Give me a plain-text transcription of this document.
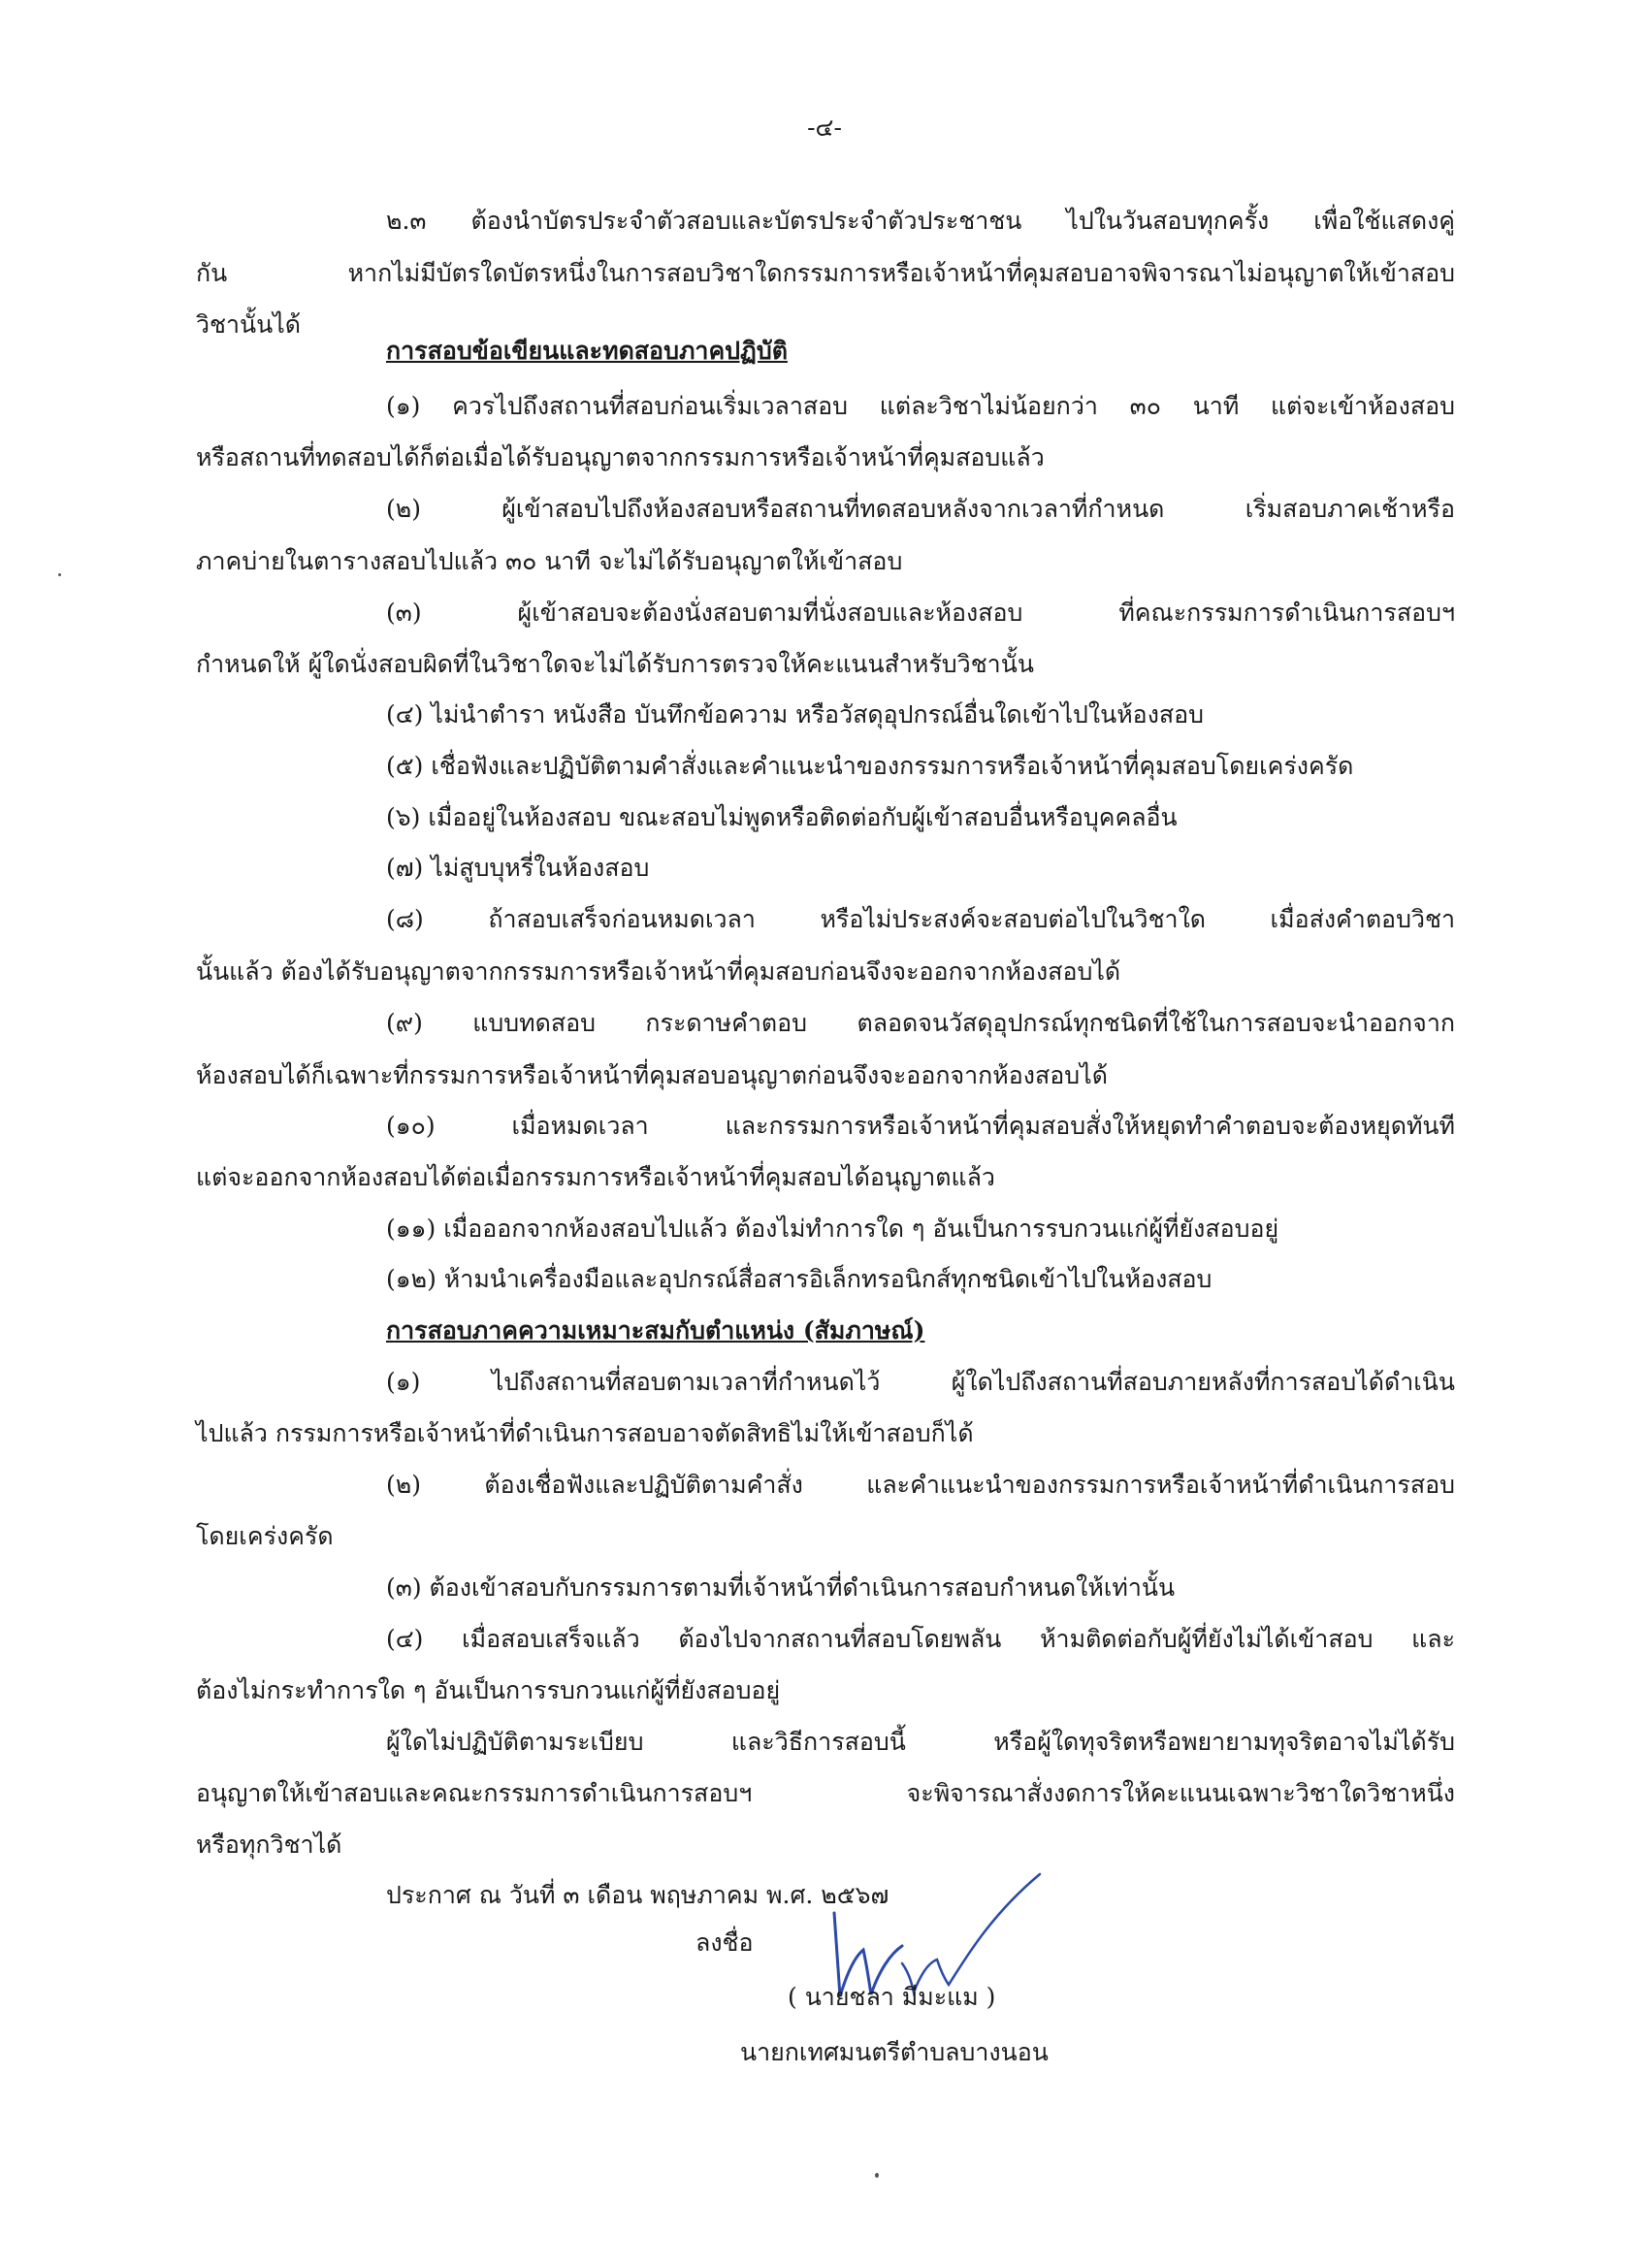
-๔-
๒.๓ ต้องนำบัตรประจำตัวสอบและบัตรประจำตัวประชาชน ไปในวันสอบทุกครั้ง เพื่อใช้แสดงคู่
กัน หากไม่มีบัตรใดบัตรหนึ่งในการสอบวิชาใดกรรมการหรือเจ้าหน้าที่คุมสอบอาจพิจารณาไม่อนุญาตให้เข้าสอบ
วิชานั้นได้
การสอบข้อเขียนและทดสอบภาคปฏิบัติ
(๑) ควรไปถึงสถานที่สอบก่อนเริ่มเวลาสอบ แต่ละวิชาไม่น้อยกว่า ๓๐ นาที แต่จะเข้าห้องสอบ
หรือสถานที่ทดสอบได้ก็ต่อเมื่อได้รับอนุญาตจากกรรมการหรือเจ้าหน้าที่คุมสอบแล้ว
(๒) ผู้เข้าสอบไปถึงห้องสอบหรือสถานที่ทดสอบหลังจากเวลาที่กำหนด เริ่มสอบภาคเช้าหรือ
ภาคบ่ายในตารางสอบไปแล้ว ๓๐ นาที จะไม่ได้รับอนุญาตให้เข้าสอบ
(๓) ผู้เข้าสอบจะต้องนั่งสอบตามที่นั่งสอบและห้องสอบ ที่คณะกรรมการดำเนินการสอบฯ
กำหนดให้ ผู้ใดนั่งสอบผิดที่ในวิชาใดจะไม่ได้รับการตรวจให้คะแนนสำหรับวิชานั้น
(๔) ไม่นำตำรา หนังสือ บันทึกข้อความ หรือวัสดุอุปกรณ์อื่นใดเข้าไปในห้องสอบ
(๕) เชื่อฟังและปฏิบัติตามคำสั่งและคำแนะนำของกรรมการหรือเจ้าหน้าที่คุมสอบโดยเคร่งครัด
(๖) เมื่ออยู่ในห้องสอบ ขณะสอบไม่พูดหรือติดต่อกับผู้เข้าสอบอื่นหรือบุคคลอื่น
(๗) ไม่สูบบุหรี่ในห้องสอบ
(๘) ถ้าสอบเสร็จก่อนหมดเวลา หรือไม่ประสงค์จะสอบต่อไปในวิชาใด เมื่อส่งคำตอบวิชา
นั้นแล้ว ต้องได้รับอนุญาตจากกรรมการหรือเจ้าหน้าที่คุมสอบก่อนจึงจะออกจากห้องสอบได้
(๙) แบบทดสอบ กระดาษคำตอบ ตลอดจนวัสดุอุปกรณ์ทุกชนิดที่ใช้ในการสอบจะนำออกจาก
ห้องสอบได้ก็เฉพาะที่กรรมการหรือเจ้าหน้าที่คุมสอบอนุญาตก่อนจึงจะออกจากห้องสอบได้
(๑๐) เมื่อหมดเวลา และกรรมการหรือเจ้าหน้าที่คุมสอบสั่งให้หยุดทำคำตอบจะต้องหยุดทันที
แต่จะออกจากห้องสอบได้ต่อเมื่อกรรมการหรือเจ้าหน้าที่คุมสอบได้อนุญาตแล้ว
(๑๑) เมื่อออกจากห้องสอบไปแล้ว ต้องไม่ทำการใด ๆ อันเป็นการรบกวนแก่ผู้ที่ยังสอบอยู่
(๑๒) ห้ามนำเครื่องมือและอุปกรณ์สื่อสารอิเล็กทรอนิกส์ทุกชนิดเข้าไปในห้องสอบ
การสอบภาคความเหมาะสมกับตำแหน่ง (สัมภาษณ์)
(๑) ไปถึงสถานที่สอบตามเวลาที่กำหนดไว้ ผู้ใดไปถึงสถานที่สอบภายหลังที่การสอบได้ดำเนิน
ไปแล้ว กรรมการหรือเจ้าหน้าที่ดำเนินการสอบอาจตัดสิทธิไม่ให้เข้าสอบก็ได้
(๒) ต้องเชื่อฟังและปฏิบัติตามคำสั่ง และคำแนะนำของกรรมการหรือเจ้าหน้าที่ดำเนินการสอบ
โดยเคร่งครัด
(๓) ต้องเข้าสอบกับกรรมการตามที่เจ้าหน้าที่ดำเนินการสอบกำหนดให้เท่านั้น
(๔) เมื่อสอบเสร็จแล้ว ต้องไปจากสถานที่สอบโดยพลัน ห้ามติดต่อกับผู้ที่ยังไม่ได้เข้าสอบ และ
ต้องไม่กระทำการใด ๆ อันเป็นการรบกวนแก่ผู้ที่ยังสอบอยู่
ผู้ใดไม่ปฏิบัติตามระเบียบ และวิธีการสอบนี้ หรือผู้ใดทุจริตหรือพยายามทุจริตอาจไม่ได้รับ
อนุญาตให้เข้าสอบและคณะกรรมการดำเนินการสอบฯ จะพิจารณาสั่งงดการให้คะแนนเฉพาะวิชาใดวิชาหนึ่ง
หรือทุกวิชาได้
ประกาศ ณ วันที่ ๓ เดือน พฤษภาคม พ.ศ. ๒๕๖๗
ลงชื่อ
( นายชลา มีมะแม )
นายกเทศมนตรีตำบลบางนอน
